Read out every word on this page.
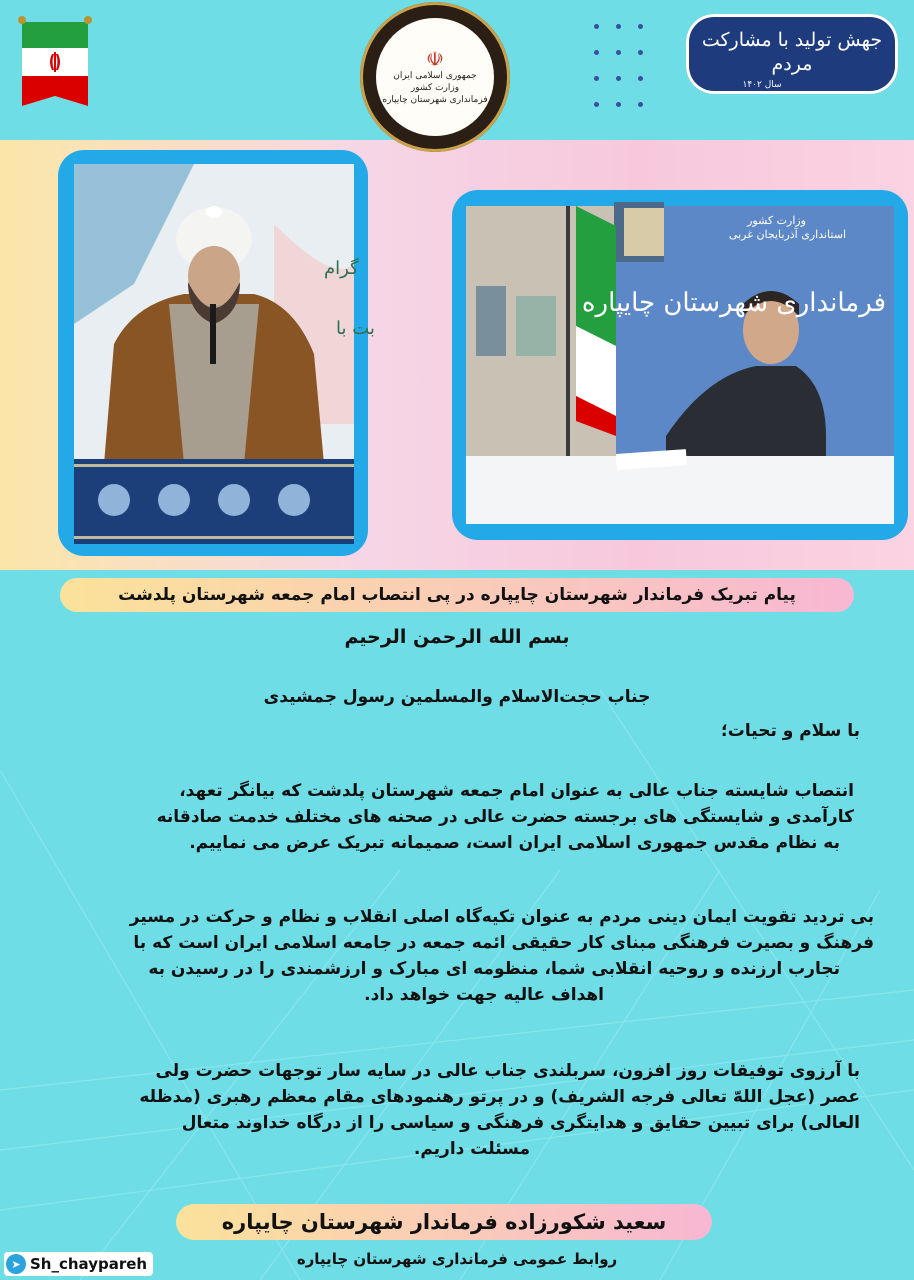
☫
جمهوری اسلامی ایران
وزارت کشور
فرمانداری شهرستان چایپاره
جهش تولید با مشارکت مردم
سال ۱۴۰۲
گرام
بت با
وزارت کشور
استانداری آذربایجان غربی
فرمانداری شهرستان چایپاره
پیام تبریک فرماندار شهرستان چایپاره در پی انتصاب امام جمعه شهرستان پلدشت
بسم الله الرحمن الرحیم
جناب حجت‌الاسلام والمسلمین رسول جمشیدی
با سلام و تحیات؛
انتصاب شایسته جناب عالی به عنوان امام جمعه شهرستان پلدشت که بیانگر تعهد،
کارآمدی و شایستگی های برجسته حضرت عالی در صحنه های مختلف خدمت صادقانه
به نظام مقدس جمهوری اسلامی ایران است، صمیمانه تبریک عرض می نماییم.
بی تردید تقویت ایمان دینی مردم به عنوان تکیه‌گاه اصلی انقلاب و نظام و حرکت در مسیر
فرهنگ و بصیرت فرهنگی مبنای کار حقیقی ائمه جمعه در جامعه اسلامی ایران است که با
تجارب ارزنده و روحیه انقلابی شما، منظومه ای مبارک و ارزشمندی را در رسیدن به
اهداف عالیه جهت خواهد داد.
با آرزوی توفیقات روز افزون، سربلندی جناب عالی در سایه سار توجهات حضرت ولی
عصر (عجل اللهّ تعالی فرجه الشریف) و در پرتو رهنمودهای مقام معظم رهبری (مدظله
العالی) برای تبیین حقایق و هدایتگری فرهنگی و سیاسی را از درگاه خداوند متعال
مسئلت داریم.
سعید شکورزاده فرماندار شهرستان چایپاره
روابط عمومی فرمانداری شهرستان چایپاره
➤ Sh_chaypareh
